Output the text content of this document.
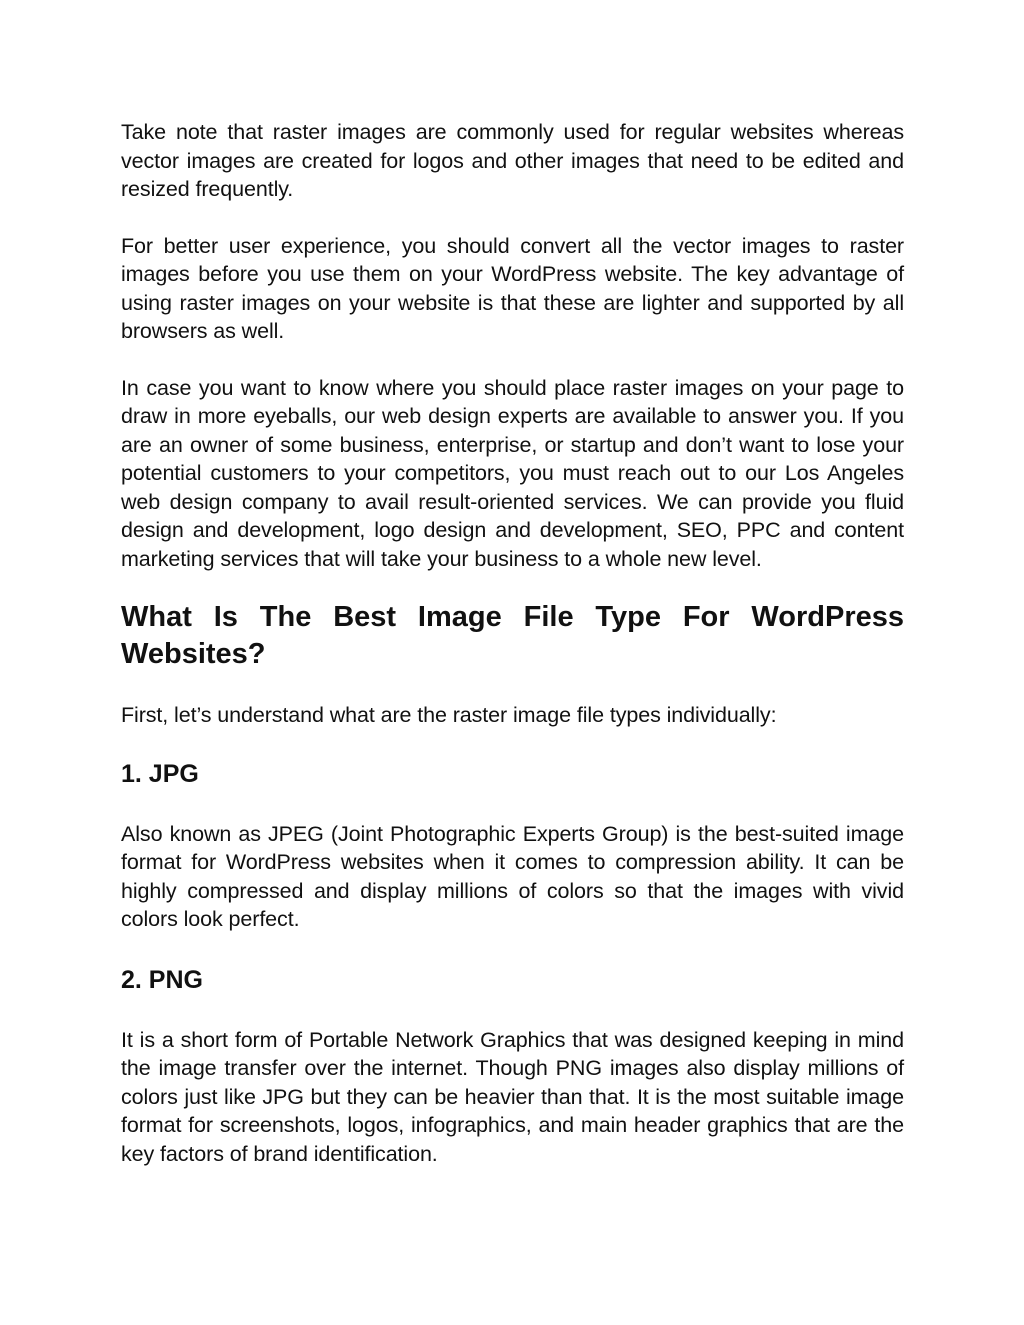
Take note that raster images are commonly used for regular websites whereas vector images are created for logos and other images that need to be edited and resized frequently.

For better user experience, you should convert all the vector images to raster images before you use them on your WordPress website. The key advantage of using raster images on your website is that these are lighter and supported by all browsers as well.

In case you want to know where you should place raster images on your page to draw in more eyeballs, our web design experts are available to answer you. If you are an owner of some business, enterprise, or startup and don’t want to lose your potential customers to your competitors, you must reach out to our Los Angeles web design company to avail result-oriented services. We can provide you fluid design and development, logo design and development, SEO, PPC and content marketing services that will take your business to a whole new level.

What Is The Best Image File Type For WordPress Websites?

First, let’s understand what are the raster image file types individually:

1. JPG

Also known as JPEG (Joint Photographic Experts Group) is the best-suited image format for WordPress websites when it comes to compression ability. It can be highly compressed and display millions of colors so that the images with vivid colors look perfect.

2. PNG

It is a short form of Portable Network Graphics that was designed keeping in mind the image transfer over the internet. Though PNG images also display millions of colors just like JPG but they can be heavier than that. It is the most suitable image format for screenshots, logos, infographics, and main header graphics that are the key factors of brand identification.
